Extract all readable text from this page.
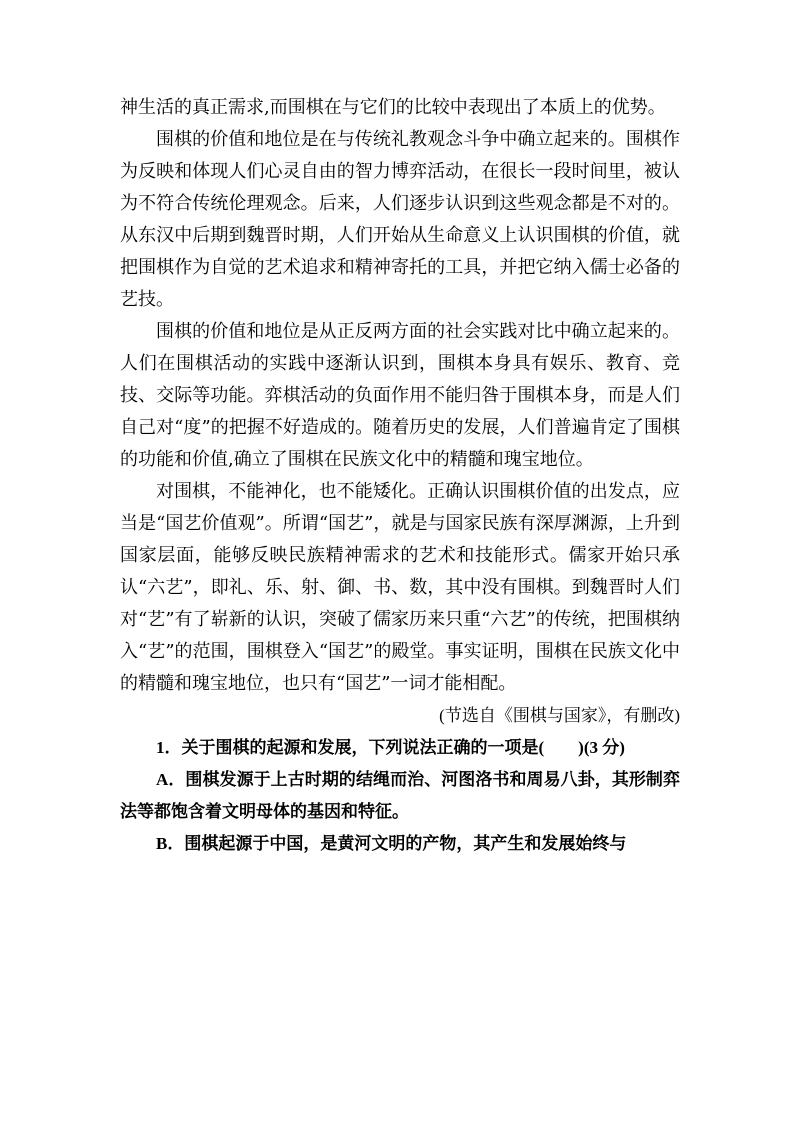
神生活的真正需求,而围棋在与它们的比较中表现出了本质上的优势。

围棋的价值和地位是在与传统礼教观念斗争中确立起来的。围棋作为反映和体现人们心灵自由的智力博弈活动，在很长一段时间里，被认为不符合传统伦理观念。后来，人们逐步认识到这些观念都是不对的。从东汉中后期到魏晋时期，人们开始从生命意义上认识围棋的价值，就把围棋作为自觉的艺术追求和精神寄托的工具，并把它纳入儒士必备的艺技。

围棋的价值和地位是从正反两方面的社会实践对比中确立起来的。人们在围棋活动的实践中逐渐认识到，围棋本身具有娱乐、教育、竞技、交际等功能。弈棋活动的负面作用不能归咎于围棋本身，而是人们自己对“度”的把握不好造成的。随着历史的发展，人们普遍肯定了围棋的功能和价值,确立了围棋在民族文化中的精髓和瑰宝地位。

对围棋，不能神化，也不能矮化。正确认识围棋价值的出发点，应当是“国艺价值观”。所谓“国艺”，就是与国家民族有深厚渊源，上升到国家层面，能够反映民族精神需求的艺术和技能形式。儒家开始只承认“六艺”，即礼、乐、射、御、书、数，其中没有围棋。到魏晋时人们对“艺”有了崭新的认识，突破了儒家历来只重“六艺”的传统，把围棋纳入“艺”的范围，围棋登入“国艺”的殿堂。事实证明，围棋在民族文化中的精髓和瑰宝地位，也只有“国艺”一词才能相配。

(节选自《围棋与国家》，有删改)

1．关于围棋的起源和发展，下列说法正确的一项是(　　)(3 分)

A．围棋发源于上古时期的结绳而治、河图洛书和周易八卦，其形制弈法等都饱含着文明母体的基因和特征。

B．围棋起源于中国，是黄河文明的产物，其产生和发展始终与
